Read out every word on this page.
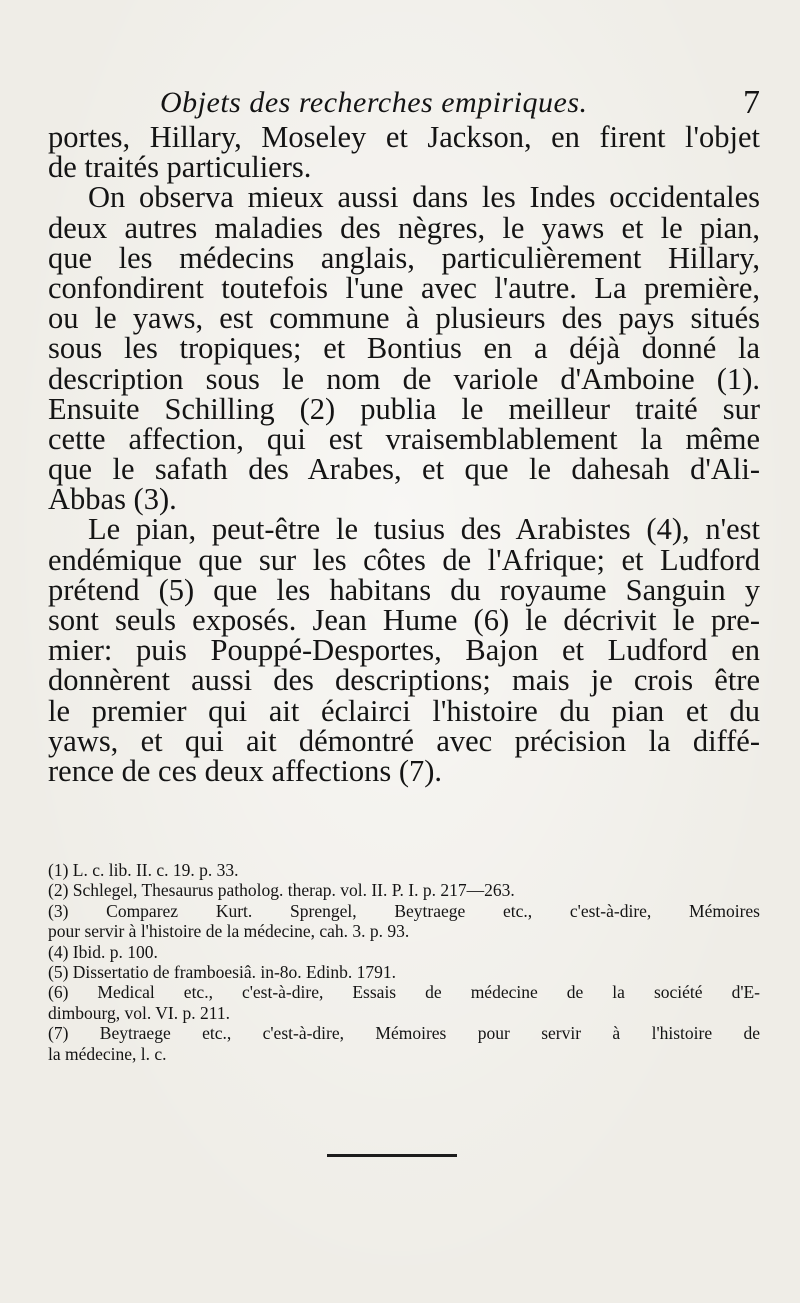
Objets des recherches empiriques.	7
portes, Hillary, Moseley et Jackson, en firent l'objet
de traités particuliers.
On observa mieux aussi dans les Indes occidentales
deux autres maladies des nègres, le yaws et le pian,
que les médecins anglais, particulièrement Hillary,
confondirent toutefois l'une avec l'autre. La première,
ou le yaws, est commune à plusieurs des pays situés
sous les tropiques; et Bontius en a déjà donné la
description sous le nom de variole d'Amboine (1).
Ensuite Schilling (2) publia le meilleur traité sur
cette affection, qui est vraisemblablement la même
que le safath des Arabes, et que le dahesah d'Ali-
Abbas (3).
Le pian, peut-être le tusius des Arabistes (4), n'est
endémique que sur les côtes de l'Afrique; et Ludford
prétend (5) que les habitans du royaume Sanguin y
sont seuls exposés. Jean Hume (6) le décrivit le pre-
mier: puis Pouppé-Desportes, Bajon et Ludford en
donnèrent aussi des descriptions; mais je crois être
le premier qui ait éclairci l'histoire du pian et du
yaws, et qui ait démontré avec précision la diffé-
rence de ces deux affections (7).
(1) L. c. lib. II. c. 19. p. 33.
(2) Schlegel, Thesaurus patholog. therap. vol. II. P. I. p. 217—263.
(3) Comparez Kurt. Sprengel, Beytraege etc., c'est-à-dire, Mémoires
pour servir à l'histoire de la médecine, cah. 3. p. 93.
(4) Ibid. p. 100.
(5) Dissertatio de framboesiâ. in-8o. Edinb. 1791.
(6) Medical etc., c'est-à-dire, Essais de médecine de la société d'E-
dimbourg, vol. VI. p. 211.
(7) Beytraege etc., c'est-à-dire, Mémoires pour servir à l'histoire de
la médecine, l. c.
